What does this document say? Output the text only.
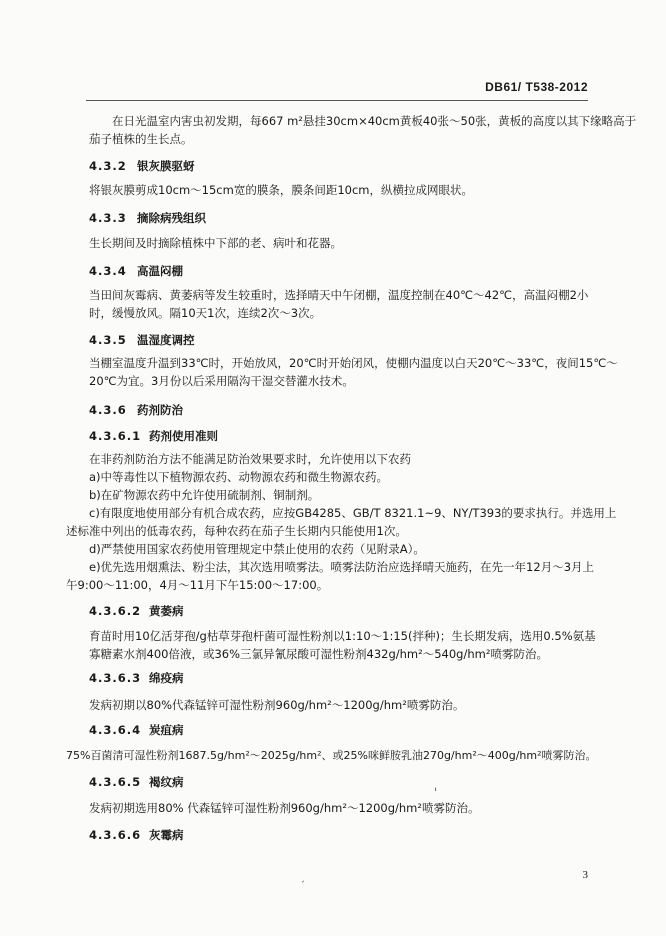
DB61/ T538-2012
在日光温室内害虫初发期，每667 m²悬挂30cm×40cm黄板40张～50张，黄板的高度以其下缘略高于
茄子植株的生长点。
4.3.2 银灰膜驱蚜
将银灰膜剪成10cm～15cm宽的膜条，膜条间距10cm，纵横拉成网眼状。
4.3.3 摘除病残组织
生长期间及时摘除植株中下部的老、病叶和花器。
4.3.4 高温闷棚
当田间灰霉病、黄萎病等发生较重时，选择晴天中午闭棚，温度控制在40℃～42℃，高温闷棚2小
时，缓慢放风。隔10天1次，连续2次～3次。
4.3.5 温湿度调控
当棚室温度升温到33℃时，开始放风，20℃时开始闭风，使棚内温度以白天20℃～33℃，夜间15℃～
20℃为宜。3月份以后采用隔沟干湿交替灌水技术。
4.3.6 药剂防治
4.3.6.1 药剂使用准则
在非药剂防治方法不能满足防治效果要求时，允许使用以下农药
a)中等毒性以下植物源农药、动物源农药和微生物源农药。
b)在矿物源农药中允许使用硫制剂、铜制剂。
c)有限度地使用部分有机合成农药，应按GB4285、GB/T 8321.1~9、NY/T393的要求执行。并选用上
述标准中列出的低毒农药，每种农药在茄子生长期内只能使用1次。
d)严禁使用国家农药使用管理规定中禁止使用的农药（见附录A）。
e)优先选用烟熏法、粉尘法，其次选用喷雾法。喷雾法防治应选择晴天施药，在先一年12月～3月上
午9:00～11:00，4月～11月下午15:00～17:00。
4.3.6.2 黄萎病
育苗时用10亿活芽孢/g枯草芽孢杆菌可湿性粉剂以1:10～1:15(拌种)；生长期发病，选用0.5%氨基
寡糖素水剂400倍液，或36%三氯异氰尿酸可湿性粉剂432g/hm²～540g/hm²喷雾防治。
4.3.6.3 绵疫病
发病初期以80%代森锰锌可湿性粉剂960g/hm²～1200g/hm²喷雾防治。
4.3.6.4 炭疽病
75%百菌清可湿性粉剂1687.5g/hm²～2025g/hm²、或25%咪鲜胺乳油270g/hm²～400g/hm²喷雾防治。
4.3.6.5 褐纹病
发病初期选用80% 代森锰锌可湿性粉剂960g/hm²～1200g/hm²喷雾防治。
4.3.6.6 灰霉病
ˏ
ˈ
3
